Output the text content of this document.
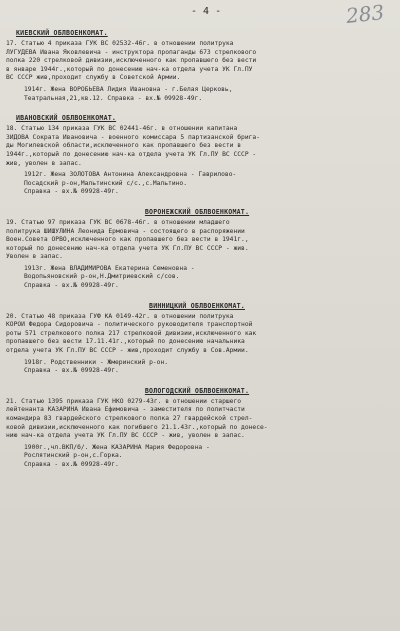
- 4 -	283
КИЕВСКИЙ ОБЛВОЕНКОМАТ.
17. Статью 4 приказа ГУК ВС 02532-46г. в отношении политрука
ЛУГУДЕВА Ивана Яковлевича - инструктора пропаганды 673 стрелкового
полка 220 стрелковой дивизии,исключенного как пропавшего без вести
в январе 1944г.,который по донесению нач-ка отдела учета УК Гл.ПУ
ВС СССР жив,проходит службу в Советской Армии.
1914г. Жена ВОРОБЬЕВА Лидия Ивановна - г.Белая Церковь,
Театральная,21,кв.12. Справка - вх.№ 09928-49г.
ИВАНОВСКИЙ ОБЛВОЕНКОМАТ.
18. Статью 134 приказа ГУК ВС 02441-46г. в отношении капитана
ЗИДОВА Сократа Ивановича - военного комиссара 5 партизанской брига-
ды Могилевской области,исключенного как пропавшего без вести в
1944г.,который по донесению нач-ка отдела учета УК Гл.ПУ ВС СССР -
жив, уволен в запас.
1912г. Жена ЗОЛОТОВА Антонина Александровна - Гаврилово-
Посадский р-он,Мальтинский с/с.,с.Мальтино.
Справка - вх.№ 09928-49г.
ВОРОНЕЖСКИЙ ОБЛВОЕНКОМАТ.
19. Статью 97 приказа ГУК ВС 0678-46г. в отношении младшего
политрука ШИШУЛИНА Леонида Ермовича - состоящего в распоряжении
Воен.Совета ОРВО,исключенного как пропавшего без вести в 1941г.,
который по донесению нач-ка отдела учета УК Гл.ПУ ВС СССР - жив.
Уволен в запас.
1913г. Жена ВЛАДИМИРОВА Екатерина Семеновна -
Водопьяновский р-он,Н.Дмитриевский с/сов.
Справка - вх.№ 09928-49г.
ВИННИЦКИЙ ОБЛВОЕНКОМАТ.
20. Статью 48 приказа ГУФ КА 0149-42г. в отношении политрука
КОРОЙ Федора Сидоровича - политического руководителя транспортной
роты 571 стрелкового полка 217 стрелковой дивизии,исключенного как
пропавшего без вести 17.11.41г.,который по донесению начальника
отдела учета УК Гл.ПУ ВС СССР - жив,проходит службу в Сов.Армии.
1918г. Родственники - Жмеринский р-он.
Справка - вх.№ 09928-49г.
ВОЛОГОДСКИЙ ОБЛВОЕНКОМАТ.
21. Статью 1395 приказа ГУК НКО 0279-43г. в отношении старшего
лейтенанта КАЗАРИНА Ивана Ефимовича - заместителя по политчасти
командира 83 гвардейского стрелкового полка 27 гвардейской стрел-
ковой дивизии,исключенного как погибшего 21.1.43г.,который по донесе-
нию нач-ка отдела учета УК Гл.ПУ ВС СССР - жив, уволен в запас.
1900г.,чл.ВКП/б/. Жена КАЗАРИНА Мария Федоровна -
Рослятинский р-он,с.Горка.
Справка - вх.№ 09928-49г.
